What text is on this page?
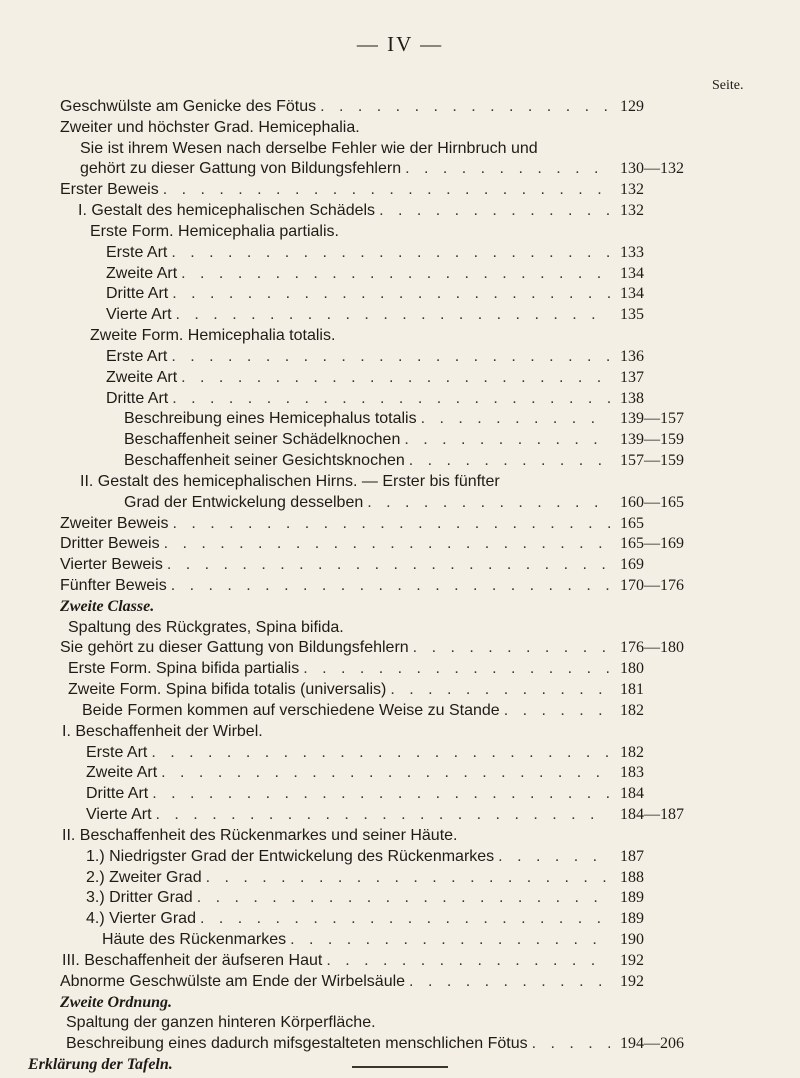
— IV —
Seite.
Geschwülste am Genicke des Fötus . . .	129
Zweiter und höchster Grad. Hemicephalia.
Sie ist ihrem Wesen nach derselbe Fehler wie der Hirnbruch und
gehört zu dieser Gattung von Bildungsfehlern . . .	130—132
Erster Beweis . . .	132
I. Gestalt des hemicephalischen Schädels . . .	132
Erste Form. Hemicephalia partialis.
Erste Art . . .	133
Zweite Art . . .	134
Dritte Art . . .	134
Vierte Art . . .	135
Zweite Form. Hemicephalia totalis.
Erste Art . . .	136
Zweite Art . . .	137
Dritte Art . . .	138
Beschreibung eines Hemicephalus totalis . . .	139—157
Beschaffenheit seiner Schädelknochen . . .	139—159
Beschaffenheit seiner Gesichtsknochen . . .	157—159
II. Gestalt des hemicephalischen Hirns. — Erster bis fünfter
Grad der Entwickelung desselben . . .	160—165
Zweiter Beweis . . .	165
Dritter Beweis . . .	165—169
Vierter Beweis . . .	169
Fünfter Beweis . . .	170—176
Zweite Classe.
Spaltung des Rückgrates, Spina bifida.
Sie gehört zu dieser Gattung von Bildungsfehlern . . .	176—180
Erste Form. Spina bifida partialis . . .	180
Zweite Form. Spina bifida totalis (universalis) . . .	181
Beide Formen kommen auf verschiedene Weise zu Stande . . .	182
I. Beschaffenheit der Wirbel.
Erste Art . . .	182
Zweite Art . . .	183
Dritte Art . . .	184
Vierte Art . . .	184—187
II. Beschaffenheit des Rückenmarkes und seiner Häute.
1.) Niedrigster Grad der Entwickelung des Rückenmarkes . . .	187
2.) Zweiter Grad . . .	188
3.) Dritter Grad . . .	189
4.) Vierter Grad . . .	189
Häute des Rückenmarkes . . .	190
III. Beschaffenheit der äufseren Haut . . .	192
Abnorme Geschwülste am Ende der Wirbelsäule . . .	192
Zweite Ordnung.
Spaltung der ganzen hinteren Körperfläche.
Beschreibung eines dadurch mifsgestalteten menschlichen Fötus . . .	194—206
Erklärung der Tafeln.
